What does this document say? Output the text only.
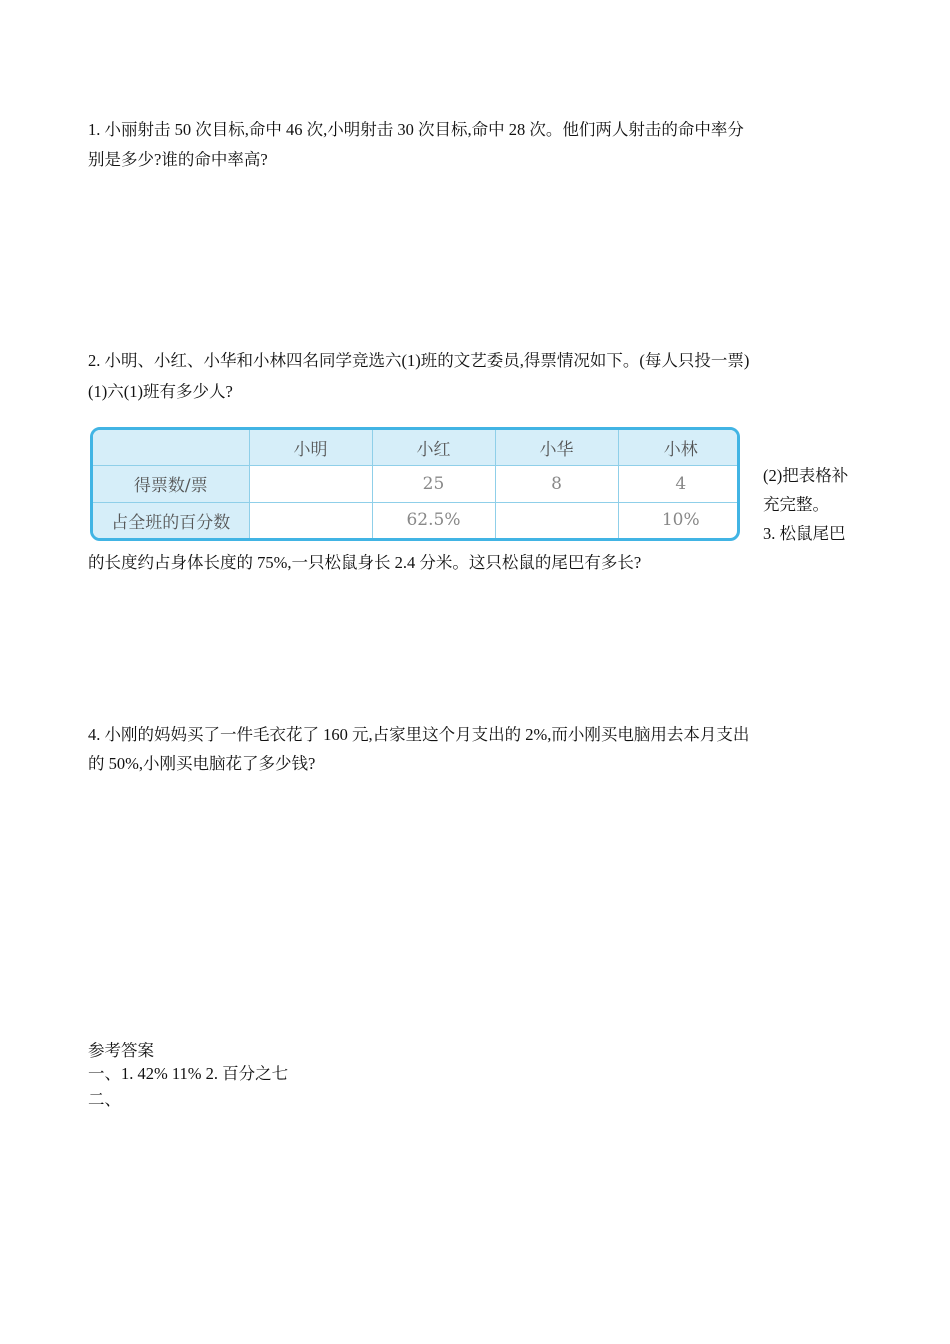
1. 小丽射击 50 次目标,命中 46 次,小明射击 30 次目标,命中 28 次。他们两人射击的命中率分
别是多少?谁的命中率高?
2. 小明、小红、小华和小林四名同学竞选六(1)班的文艺委员,得票情况如下。(每人只投一票)
(1)六(1)班有多少人?
	小明	小红	小华	小林
得票数/票		25	8	4
占全班的百分数		62.5%		10%
(2)把表格补
充完整。
3. 松鼠尾巴
的长度约占身体长度的 75%,一只松鼠身长 2.4 分米。这只松鼠的尾巴有多长?
4. 小刚的妈妈买了一件毛衣花了 160 元,占家里这个月支出的 2%,而小刚买电脑用去本月支出
的 50%,小刚买电脑花了多少钱?
参考答案
一、1. 42% 11% 2. 百分之七
二、
